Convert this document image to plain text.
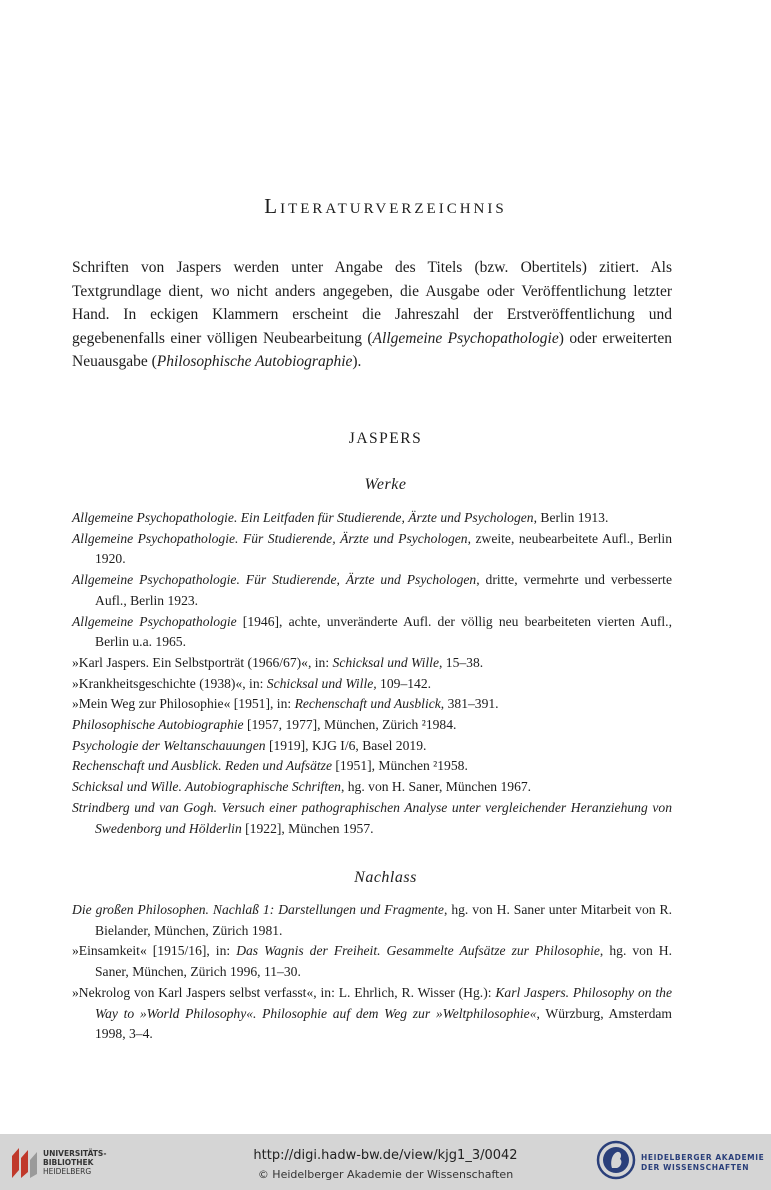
Literaturverzeichnis

Schriften von Jaspers werden unter Angabe des Titels (bzw. Obertitels) zitiert. Als Textgrundlage dient, wo nicht anders angegeben, die Ausgabe oder Veröffentlichung letzter Hand. In eckigen Klammern erscheint die Jahreszahl der Erstveröffentlichung und gegebenenfalls einer völligen Neubearbeitung (Allgemeine Psychopathologie) oder erweiterten Neuausgabe (Philosophische Autobiographie).

JASPERS
Werke
Allgemeine Psychopathologie. Ein Leitfaden für Studierende, Ärzte und Psychologen, Berlin 1913.
Allgemeine Psychopathologie. Für Studierende, Ärzte und Psychologen, zweite, neubearbeitete Aufl., Berlin 1920.
Allgemeine Psychopathologie. Für Studierende, Ärzte und Psychologen, dritte, vermehrte und verbesserte Aufl., Berlin 1923.
Allgemeine Psychopathologie [1946], achte, unveränderte Aufl. der völlig neu bearbeiteten vierten Aufl., Berlin u.a. 1965.
»Karl Jaspers. Ein Selbstporträt (1966/67)«, in: Schicksal und Wille, 15–38.
»Krankheitsgeschichte (1938)«, in: Schicksal und Wille, 109–142.
»Mein Weg zur Philosophie« [1951], in: Rechenschaft und Ausblick, 381–391.
Philosophische Autobiographie [1957, 1977], München, Zürich ²1984.
Psychologie der Weltanschauungen [1919], KJG I/6, Basel 2019.
Rechenschaft und Ausblick. Reden und Aufsätze [1951], München ²1958.
Schicksal und Wille. Autobiographische Schriften, hg. von H. Saner, München 1967.
Strindberg und van Gogh. Versuch einer pathographischen Analyse unter vergleichender Heranziehung von Swedenborg und Hölderlin [1922], München 1957.
Nachlass
Die großen Philosophen. Nachlaß 1: Darstellungen und Fragmente, hg. von H. Saner unter Mitarbeit von R. Bielander, München, Zürich 1981.
»Einsamkeit« [1915/16], in: Das Wagnis der Freiheit. Gesammelte Aufsätze zur Philosophie, hg. von H. Saner, München, Zürich 1996, 11–30.
»Nekrolog von Karl Jaspers selbst verfasst«, in: L. Ehrlich, R. Wisser (Hg.): Karl Jaspers. Philosophy on the Way to »World Philosophy«. Philosophie auf dem Weg zur »Weltphilosophie«, Würzburg, Amsterdam 1998, 3–4.
UNIVERSITÄTS-
BIBLIOTHEK
HEIDELBERG
http://digi.hadw-bw.de/view/kjg1_3/0042
© Heidelberger Akademie der Wissenschaften
HEIDELBERGER AKADEMIE
DER WISSENSCHAFTEN
